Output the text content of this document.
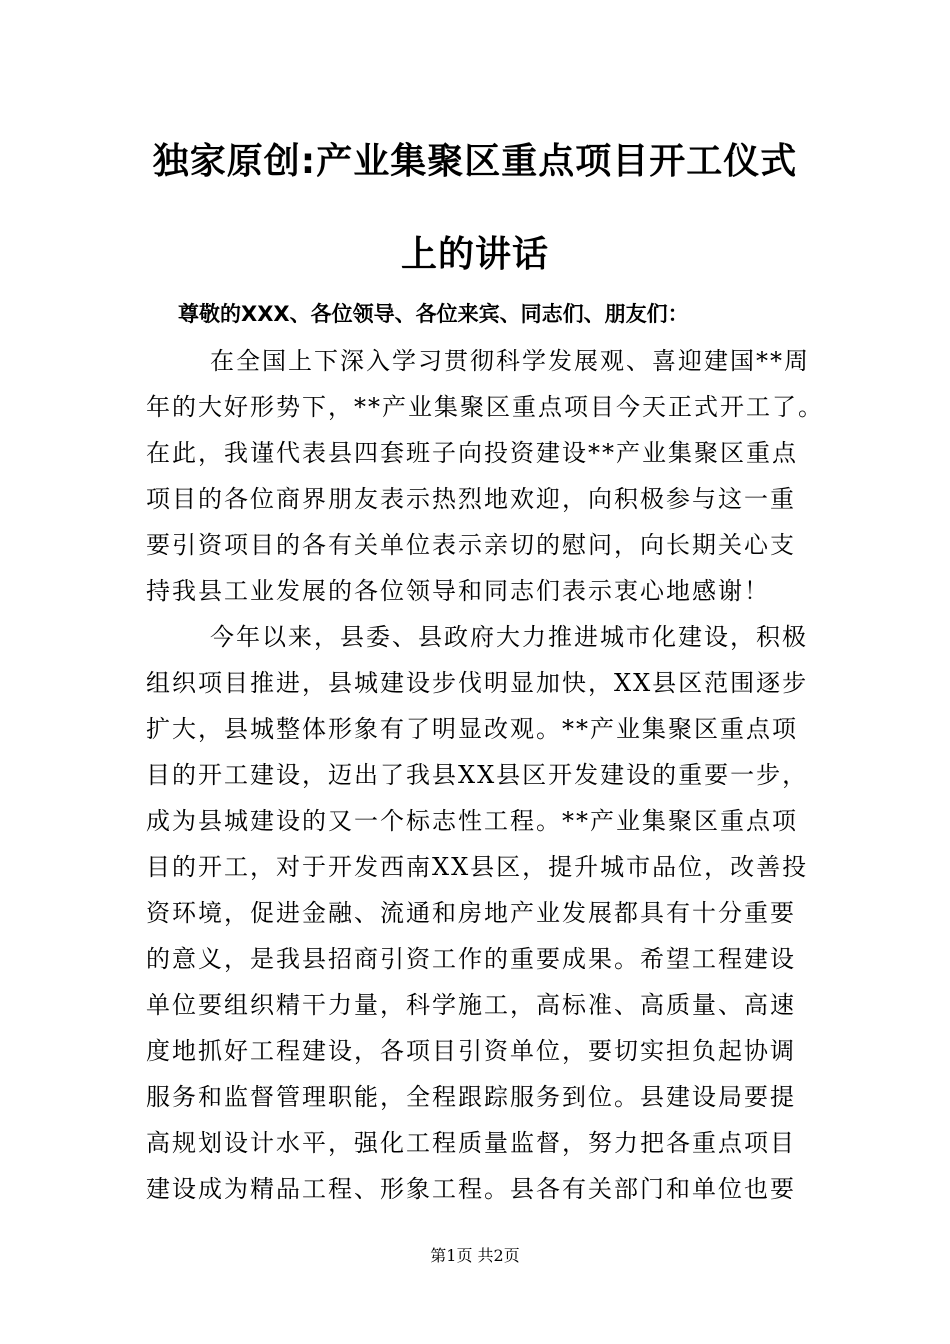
独家原创:产业集聚区重点项目开工仪式
上的讲话
尊敬的XXX、各位领导、各位来宾、同志们、朋友们：
在全国上下深入学习贯彻科学发展观、喜迎建国**周
年的大好形势下，**产业集聚区重点项目今天正式开工了。
在此，我谨代表县四套班子向投资建设**产业集聚区重点
项目的各位商界朋友表示热烈地欢迎，向积极参与这一重
要引资项目的各有关单位表示亲切的慰问，向长期关心支
持我县工业发展的各位领导和同志们表示衷心地感谢！
今年以来，县委、县政府大力推进城市化建设，积极
组织项目推进，县城建设步伐明显加快，XX县区范围逐步
扩大，县城整体形象有了明显改观。**产业集聚区重点项
目的开工建设，迈出了我县XX县区开发建设的重要一步，
成为县城建设的又一个标志性工程。**产业集聚区重点项
目的开工，对于开发西南XX县区，提升城市品位，改善投
资环境，促进金融、流通和房地产业发展都具有十分重要
的意义，是我县招商引资工作的重要成果。希望工程建设
单位要组织精干力量，科学施工，高标准、高质量、高速
度地抓好工程建设，各项目引资单位，要切实担负起协调
服务和监督管理职能，全程跟踪服务到位。县建设局要提
高规划设计水平，强化工程质量监督，努力把各重点项目
建设成为精品工程、形象工程。县各有关部门和单位也要
第1页 共2页
